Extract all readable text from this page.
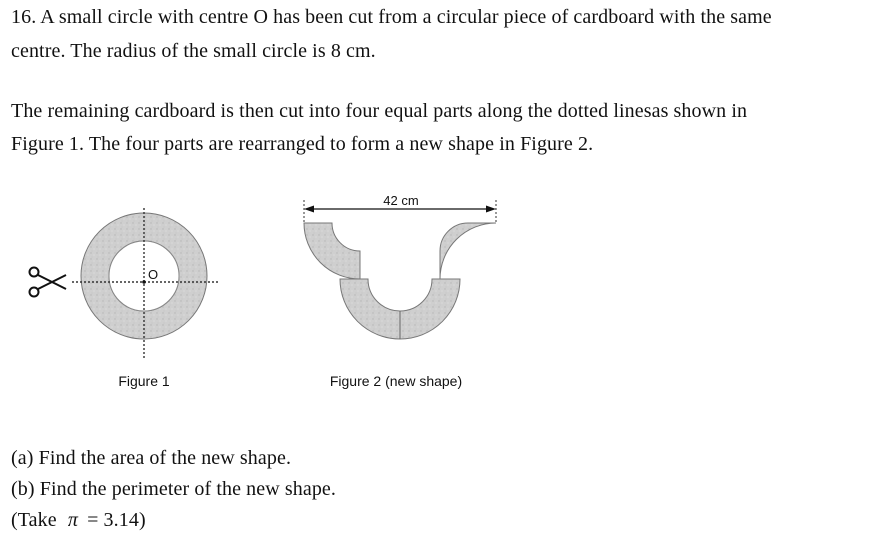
16. A small circle with centre O has been cut from a circular piece of cardboard with the same
centre. The radius of the small circle is 8 cm.
The remaining cardboard is then cut into four equal parts along the dotted linesas shown in
Figure 1. The four parts are rearranged to form a new shape in Figure 2.
O
Figure 1
42 cm
Figure 2 (new shape)
(a) Find the area of the new shape.
(b) Find the perimeter of the new shape.
(Take π = 3.14)
